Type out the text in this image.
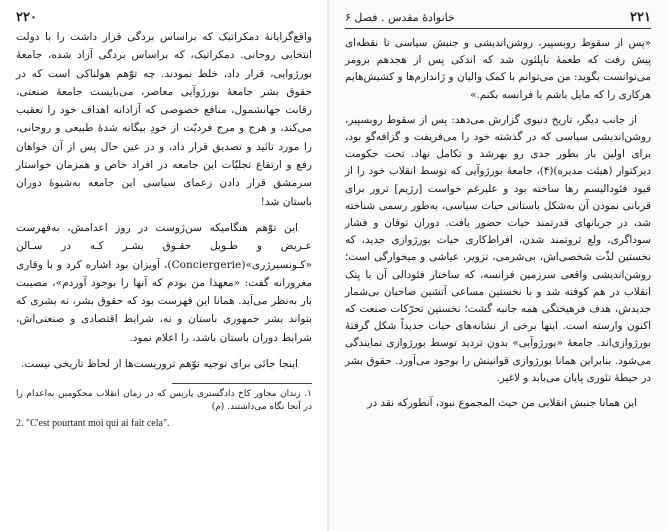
۲۲۰

واقع‌گرایانهٔ دمکراتیک که براساس بردگی قرار داشت را با دولت انتخابی روحانی. دمکراتیک، که براساس بردگی آزاد شده، جامعهٔ بورژوایی، قرار داد، خلط نمودند. چه توّهم هولناکی است که در حقوق بشر جامعهٔ بورژوآیی معاصر، می‌بایست جامعهٔ صنعتی، رقابت جهانشمول، منافع خصوصی که آزادانه اهداف خود را تعقیب می‌کند، و هرج و مرج فردیّت از خودِ بیگانه شدهٔ طبیعی و روحانی، را مورد تائید و تصدیق قرار داد، و در عین حال پس از آن خواهان رفع و ارتفاع تجلیّات این جامعه در افراد خاص و همزمان خواستار سرمشق قرار دادن زعمای سیاسی این جامعه به‌شیوهٔ دوران باستان شد!

این توّهم هنگامیکه سن‌ژوست در روز اعدامش، به‌فهرست عـریض و طـویل حقـوق بشـر کـه در سـالن «کـونسیرژری»(Conciergerie)، آویزان بود اشاره کرد و با وقاری مغرورانه گفت: «معهذا من بودم که آنها را بوجود آوردم»، مصیبت بار به‌نظر می‌آید. همانا این فهرست بود که حقوق بشر، نه بشری که بتواند بشر جمهوری باستان و نه، شرایط اقتصادی و صنعتی‌اش، شرایط دوران باستان باشد، را اعلام نمود.

اینجا جائی برای توجیه توّهم تروریست‌ها از لحاظ تاریخی نیست.

۱. زندان مجاور کاخ دادگستری پاریس که در زمان انقلاب محکومین به‌اعدام را در آنجا نگاه می‌داشتند. (م)

2. "C'est pourtant moi qui ai fait cela".

۲۲۱
خانوادهٔ مقدس . فصل ۶

«پس از سقوط روبسپیر، روشن‌اندیشی و جنبش سیاسی تا نقطه‌ای پیش رفت که طعمهٔ ناپلئون شد که اندکی پس از هجدهم برومر می‌توانست بگوید: من می‌توانم با کمک والیان و ژاندارم‌ها و کشیش‌هایم هرکاری را که مایل باشم با فرانسه بکنم.»

از جانب دیگر، تاریخ دنیوی گزارش می‌دهد: پس از سقوط روبسپیر، روشن‌اندیشی سیاسی که در گذشته خود را می‌فریفت و گزافه‌گو بود، برای اولین بار بطور جدی رو بهرشد و تکامل نهاد. تحت حکومت دیرکتوار (هیئت مدیره)(۴)، جامعهٔ بورژوآیی که توسط انقلاب خود را از قیود فئودالیسم رها ساخته بود و علیرغم خواست [رژیم] ترور برای قربانی نمودن آن به‌شکل باستانی حیات سیاسی، به‌طور رسمی شناخته شد، در جریانهای قدرتمند حیات حضور یافت. دوران توفان و فشار سوداگری، ولع ثروتمند شدن، افراط‌کاری حیات بورژوازی جدید، که نخستین لذّت شخصی‌اش، بی‌شرمی، تزویر، عیاشی و میخوارگی است؛ روشن‌اندیشی واقعی سرزمین فرانسه، که ساختار فئودالی آن با پتک انقلاب در هم کوفته شد و با نخستین مساعی آتشین صاحبان بی‌شمار جدیدش، هدف فرهیختگی همه جانبه گشت؛ نخستین تحرّکات صنعت که اکنون وارسته است. اینها برخی از نشانه‌های حیات جدیداً شکل گرفتهٔ بورژوازی‌اند. جامعهٔ «بورژوآیی» بدون تردید توسط بورژوازی نمایندگی می‌شود. بنابراین همانا بورژوازی قوانینش را بوجود می‌آورد. حقوق بشر در حیطهٔ تئوری پایان می‌یابد و لاغیر.

این همانا جنبش انقلابی من حیث المجموع نبود، آنطورکه نقد در
